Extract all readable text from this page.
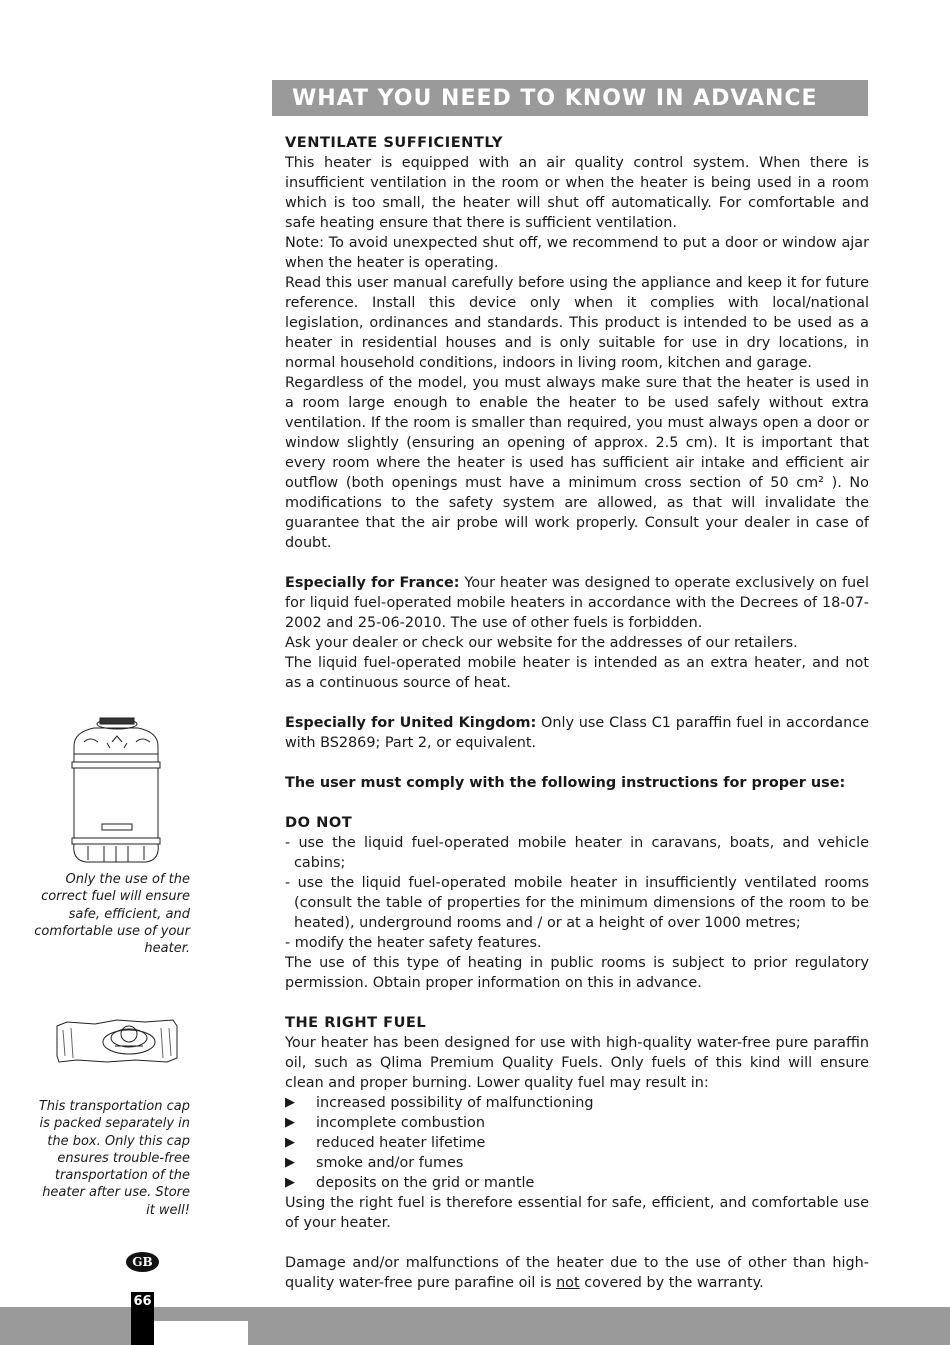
WHAT YOU NEED TO KNOW IN ADVANCE
VENTILATE SUFFICIENTLY

This heater is equipped with an air quality control system. When there is insufficient ventilation in the room or when the heater is being used in a room which is too small, the heater will shut off automatically. For comfortable and safe heating ensure that there is sufficient ventilation.

Note: To avoid unexpected shut off, we recommend to put a door or window ajar when the heater is operating.

Read this user manual carefully before using the appliance and keep it for future reference. Install this device only when it complies with local/national legislation, ordinances and standards. This product is intended to be used as a heater in residential houses and is only suitable for use in dry locations, in normal household conditions, indoors in living room, kitchen and garage.

Regardless of the model, you must always make sure that the heater is used in a room large enough to enable the heater to be used safely without extra ventilation. If the room is smaller than required, you must always open a door or window slightly (ensuring an opening of approx. 2.5 cm). It is important that every room where the heater is used has sufficient air intake and efficient air outflow (both openings must have a minimum cross section of 50 cm² ). No modifications to the safety system are allowed, as that will invalidate the guarantee that the air probe will work properly. Consult your dealer in case of doubt.

Especially for France: Your heater was designed to operate exclusively on fuel for liquid fuel-operated mobile heaters in accordance with the Decrees of 18-07-2002 and 25-06-2010. The use of other fuels is forbidden.

Ask your dealer or check our website for the addresses of our retailers.

The liquid fuel-operated mobile heater is intended as an extra heater, and not as a continuous source of heat.

Especially for United Kingdom: Only use Class C1 paraffin fuel in accordance with BS2869; Part 2, or equivalent.

The user must comply with the following instructions for proper use:

DO NOT

- use the liquid fuel-operated mobile heater in caravans, boats, and vehicle cabins;

- use the liquid fuel-operated mobile heater in insufficiently ventilated rooms (consult the table of properties for the minimum dimensions of the room to be heated), underground rooms and / or at a height of over 1000 metres;

- modify the heater safety features.

The use of this type of heating in public rooms is subject to prior regulatory permission. Obtain proper information on this in advance.

THE RIGHT FUEL

Your heater has been designed for use with high-quality water-free pure paraffin oil, such as Qlima Premium Quality Fuels. Only fuels of this kind will ensure clean and proper burning. Lower quality fuel may result in:

▶	increased possibility of malfunctioning
▶	incomplete combustion
▶	reduced heater lifetime
▶	smoke and/or fumes
▶	deposits on the grid or mantle

Using the right fuel is therefore essential for safe, efficient, and comfortable use of your heater.

Damage and/or malfunctions of the heater due to the use of other than high-quality water-free pure parafine oil is not covered by the warranty.

Only the use of the correct fuel will ensure safe, efficient, and comfortable use of your heater.
This transportation cap is packed separately in the box. Only this cap ensures trouble-free transportation of the heater after use. Store it well!
GB
66
